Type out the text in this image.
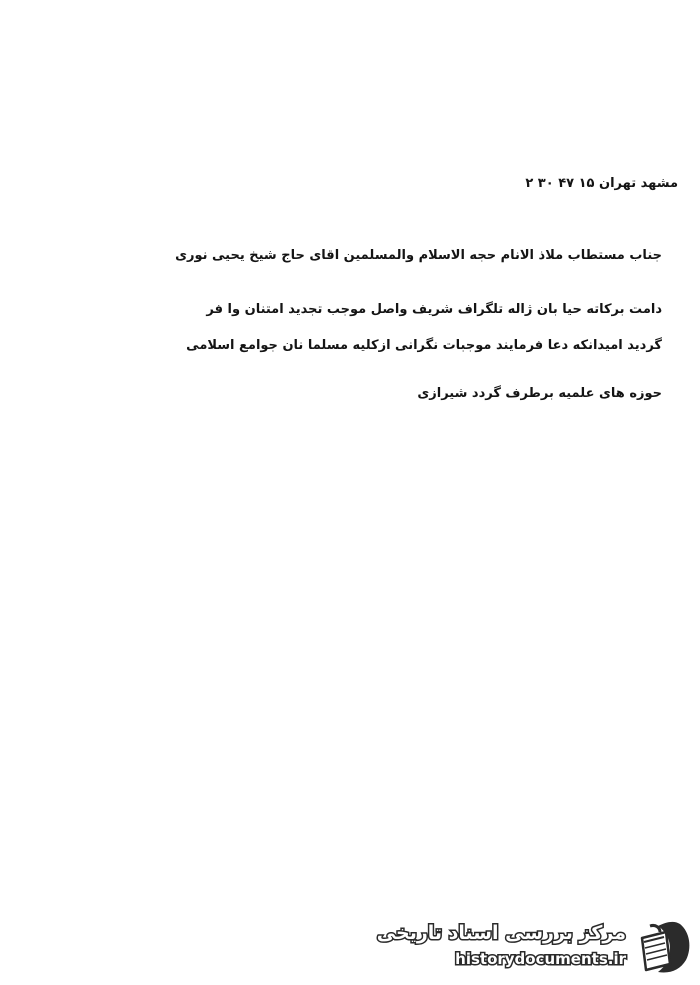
مشهد تهران ۱۵ ۴۷ ۳۰ ۲
جناب مستطاب ملاذ الانام حجه الاسلام والمسلمین اقای حاج شیخ یحیی نوری
دامت برکاته حیا بان ژاله تلگراف شریف واصل موجب تجدید امتنان وا فر
گردید امیدانکه دعا فرمایند موجبات نگرانی ازکلیه مسلما نان جوامع اسلامی
حوزه های علمیه برطرف گردد شیرازی
مرکز بررسی اسناد تاریخی
historydocuments.ir
